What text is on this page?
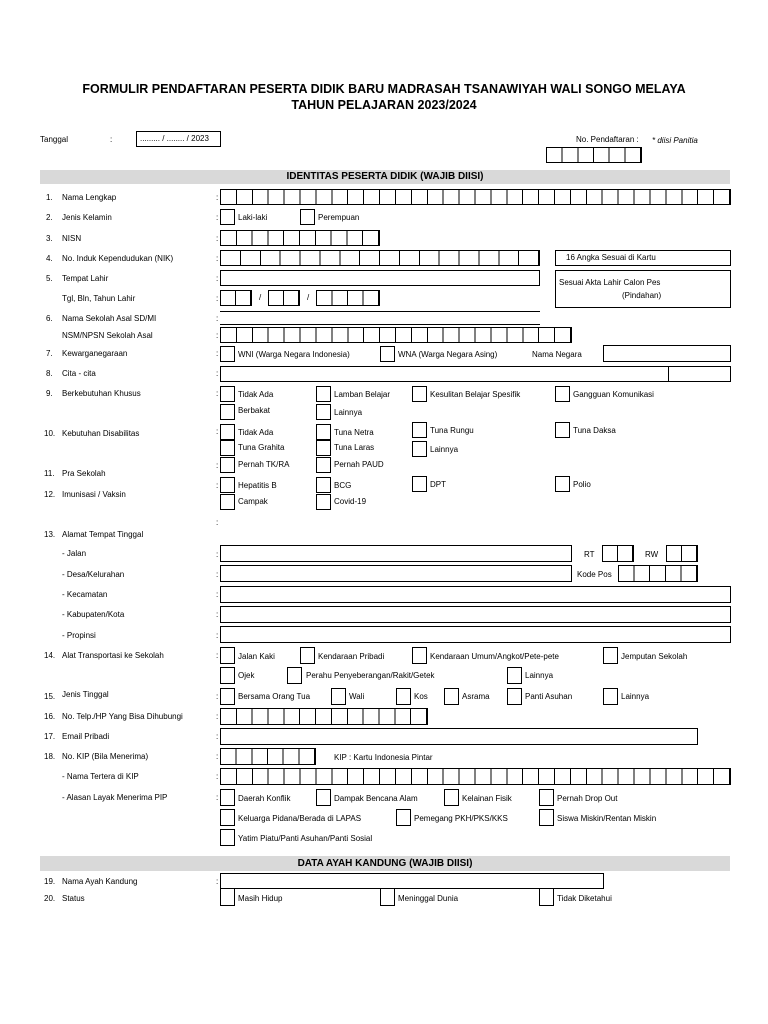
FORMULIR PENDAFTARAN PESERTA DIDIK BARU MADRASAH TSANAWIYAH WALI SONGO MELAYA
TAHUN PELAJARAN 2023/2024
Tanggal	:	......... / ........ / 2023	No. Pendaftaran : * diisi Panitia
IDENTITAS PESERTA DIDIK (WAJIB DIISI)
:
:
:
:
:
:
:
:
:
:
:
:
:
:
:
:
:
:
:
:
:
:
:
:
:
:
:
:
1. Nama Lengkap
2. Jenis Kelamin	Laki-laki	Perempuan
3. NISN
4. No. Induk Kependudukan (NIK)	16 Angka Sesuai di Kartu
5. Tempat Lahir	Sesuai Akta Lahir Calon Pes
(Pindahan)
Tgl, Bln, Tahun Lahir	/	/
6. Nama Sekolah Asal SD/MI
NSM/NPSN Sekolah Asal
7. Kewarganegaraan	WNI (Warga Negara Indonesia)	WNA (Warga Negara Asing)	Nama Negara
8. Cita - cita
9. Berkebutuhan Khusus	Tidak Ada	Lamban Belajar	Kesulitan Belajar Spesifik	Gangguan Komunikasi
Berbakat	Lainnya
10. Kebutuhan Disabilitas	Tidak Ada	Tuna Netra	Tuna Rungu	Tuna Daksa
Tuna Grahita	Tuna Laras	Lainnya
11. Pra Sekolah
Pernah TK/RA	Pernah PAUD
12. Imunisasi / Vaksin
Hepatitis B	BCG	DPT	Polio
Campak	Covid-19
13. Alamat Tempat Tinggal
- Jalan	RT	RW
- Desa/Kelurahan	Kode Pos
- Kecamatan
- Kabupaten/Kota
- Propinsi
14. Alat Transportasi ke Sekolah	Jalan Kaki	Kendaraan Pribadi	Kendaraan Umum/Angkot/Pete-pete	Jemputan Sekolah
Ojek	Perahu Penyeberangan/Rakit/Getek	Lainnya
15. Jenis Tinggal	Bersama Orang Tua	Wali	Kos	Asrama	Panti Asuhan	Lainnya
16. No. Telp./HP Yang Bisa Dihubungi
17. Email Pribadi
18. No. KIP (Bila Menerima)	KIP : Kartu Indonesia Pintar
- Nama Tertera di KIP
- Alasan Layak Menerima PIP	Daerah Konflik	Dampak Bencana Alam	Kelainan Fisik	Pernah Drop Out
Keluarga Pidana/Berada di LAPAS	Pemegang PKH/PKS/KKS	Siswa Miskin/Rentan Miskin
Yatim Piatu/Panti Asuhan/Panti Sosial
DATA AYAH KANDUNG (WAJIB DIISI)
19. Nama Ayah Kandung
20. Status	Masih Hidup	Meninggal Dunia	Tidak Diketahui
